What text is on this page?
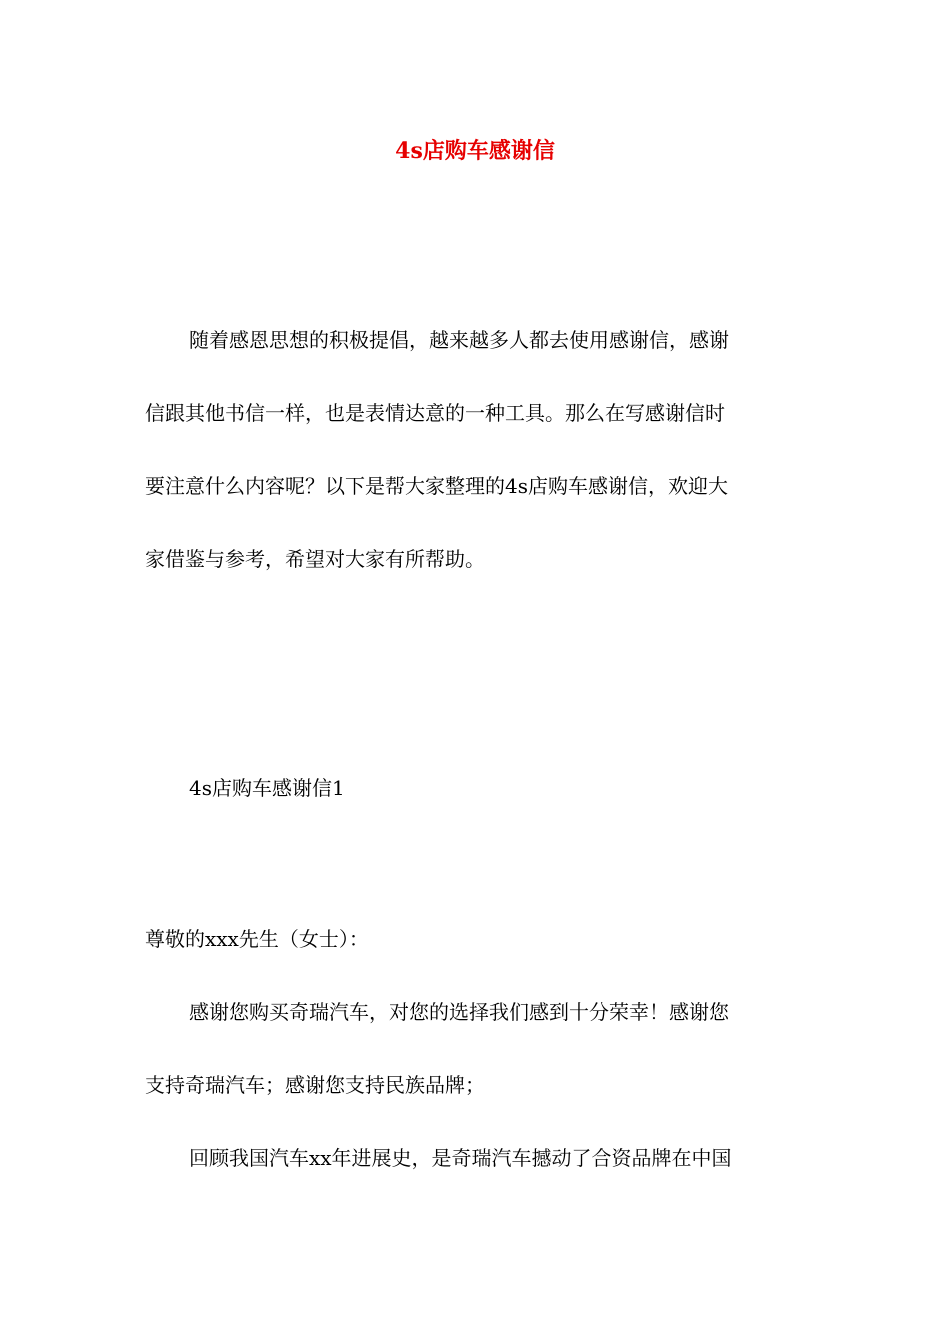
4s店购车感谢信
随着感恩思想的积极提倡，越来越多人都去使用感谢信，感谢
信跟其他书信一样，也是表情达意的一种工具。那么在写感谢信时
要注意什么内容呢？以下是帮大家整理的4s店购车感谢信，欢迎大
家借鉴与参考，希望对大家有所帮助。
4s店购车感谢信1
尊敬的xxx先生（女士）：
感谢您购买奇瑞汽车，对您的选择我们感到十分荣幸！感谢您
支持奇瑞汽车；感谢您支持民族品牌；
回顾我国汽车xx年进展史，是奇瑞汽车撼动了合资品牌在中国
